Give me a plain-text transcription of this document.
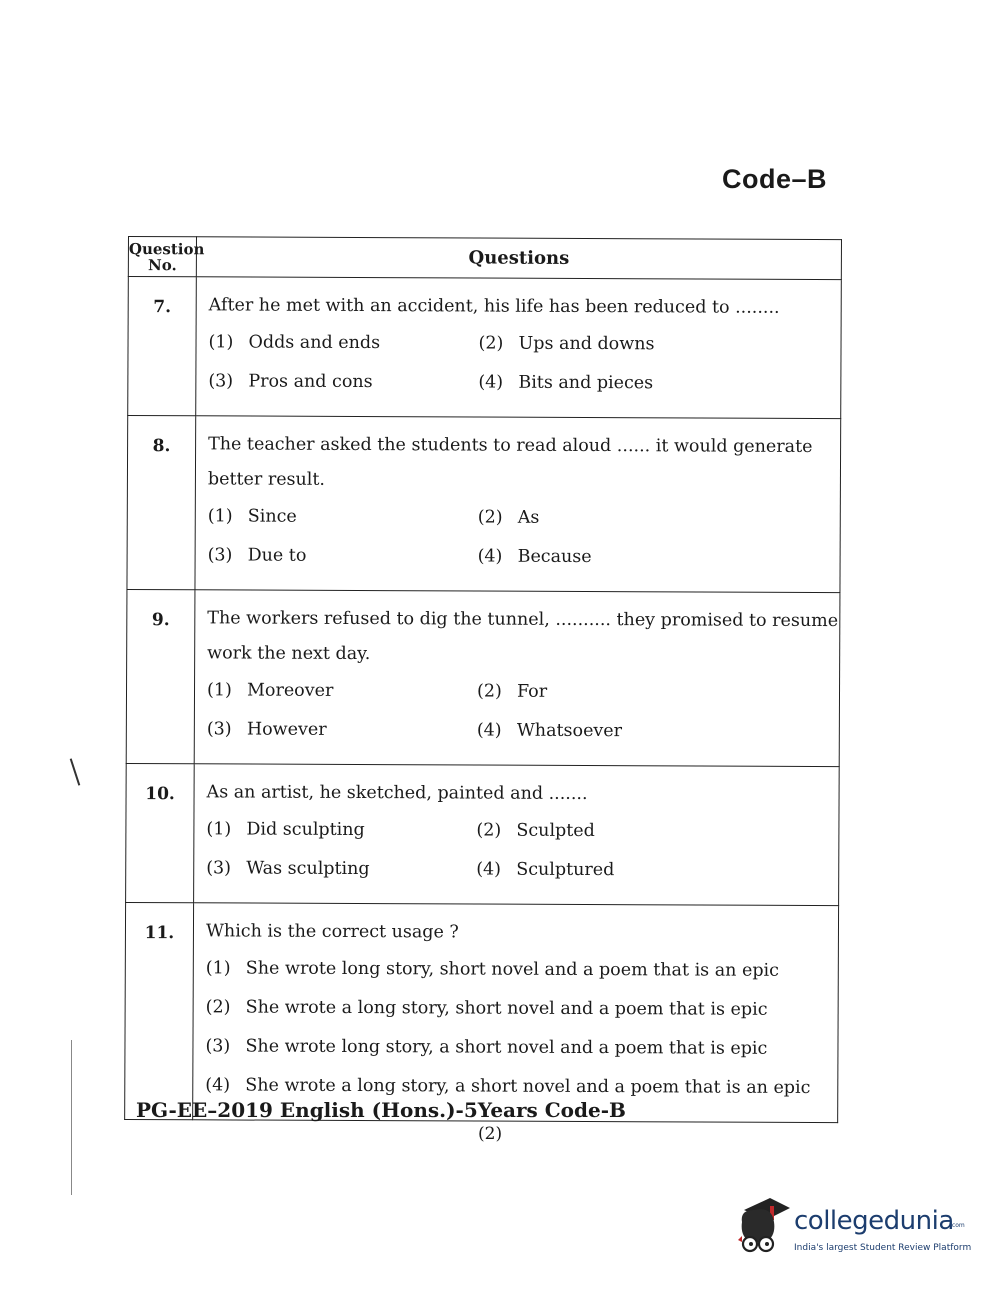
Code–B
Question No.	Questions
7.	After he met with an accident, his life has been reduced to ........
(1) Odds and ends (2) Ups and downs
(3) Pros and cons (4) Bits and pieces

8.	The teacher asked the students to read aloud ...... it would generate better result.
(1) Since (2) As
(3) Due to (4) Because

9.	The workers refused to dig the tunnel, .......... they promised to resume work the next day.
(1) Moreover (2) For
(3) However (4) Whatsoever

10.	As an artist, he sketched, painted and .......
(1) Did sculpting (2) Sculpted
(3) Was sculpting (4) Sculptured

11.	Which is the correct usage ?
(1) She wrote long story, short novel and a poem that is an epic
(2) She wrote a long story, short novel and a poem that is epic
(3) She wrote long story, a short novel and a poem that is epic
(4) She wrote a long story, a short novel and a poem that is an epic
PG-EE–2019 English (Hons.)-5Years Code-B
(2)
collegedunia
.com
India's largest Student Review Platform
